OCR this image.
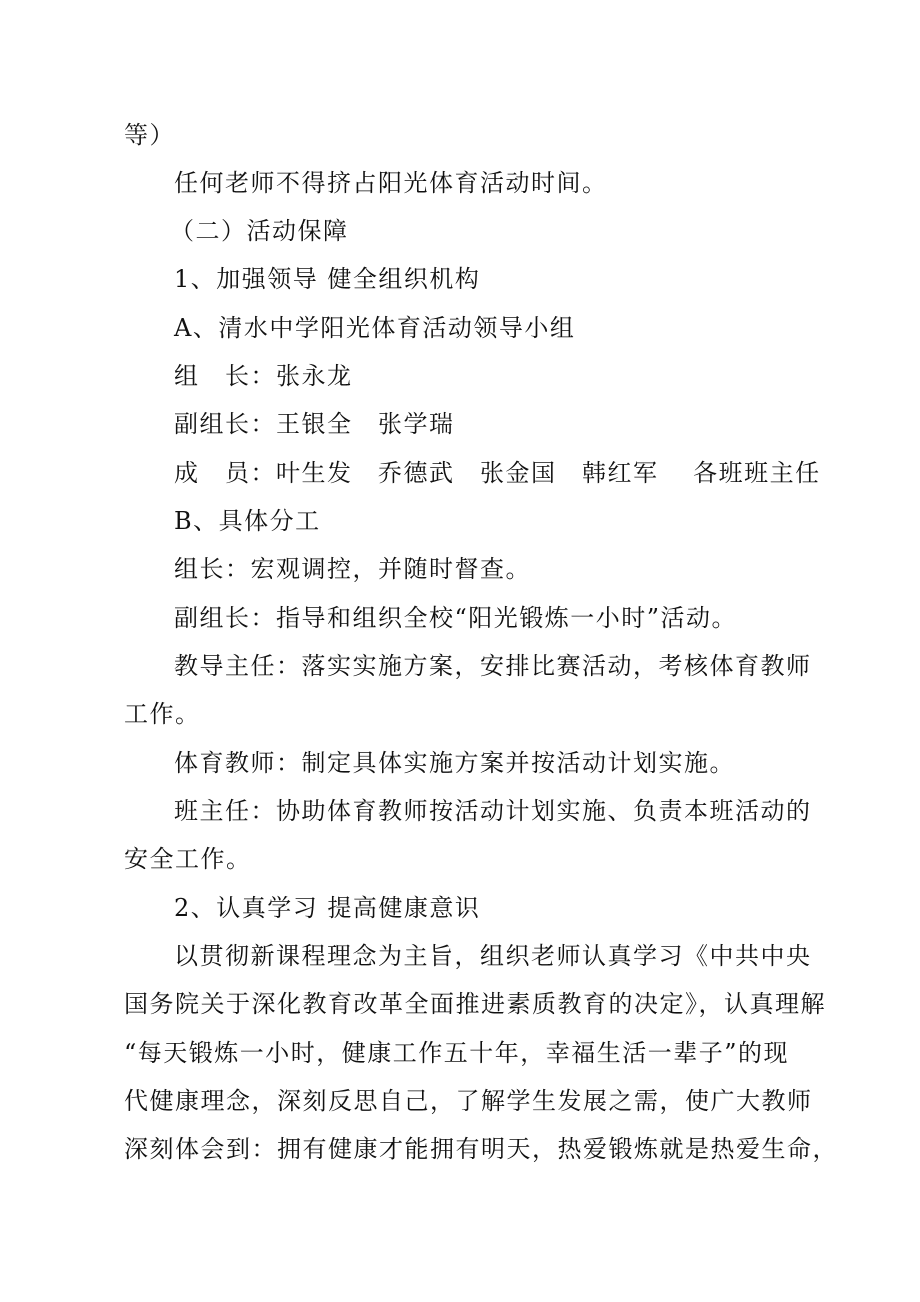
等）
任何老师不得挤占阳光体育活动时间。
（二）活动保障
1、加强领导 健全组织机构
A、清水中学阳光体育活动领导小组
组　长：张永龙
副组长：王银全　张学瑞
成　员：叶生发　乔德武　张金国　韩红军　 各班班主任
B、具体分工
组长：宏观调控，并随时督查。
副组长：指导和组织全校“阳光锻炼一小时”活动。
教导主任：落实实施方案，安排比赛活动，考核体育教师
工作。
体育教师：制定具体实施方案并按活动计划实施。
班主任：协助体育教师按活动计划实施、负责本班活动的
安全工作。
2、认真学习 提高健康意识
以贯彻新课程理念为主旨，组织老师认真学习《中共中央
国务院关于深化教育改革全面推进素质教育的决定》，认真理解
“每天锻炼一小时，健康工作五十年，幸福生活一辈子”的现
代健康理念，深刻反思自己，了解学生发展之需，使广大教师
深刻体会到：拥有健康才能拥有明天，热爱锻炼就是热爱生命，
